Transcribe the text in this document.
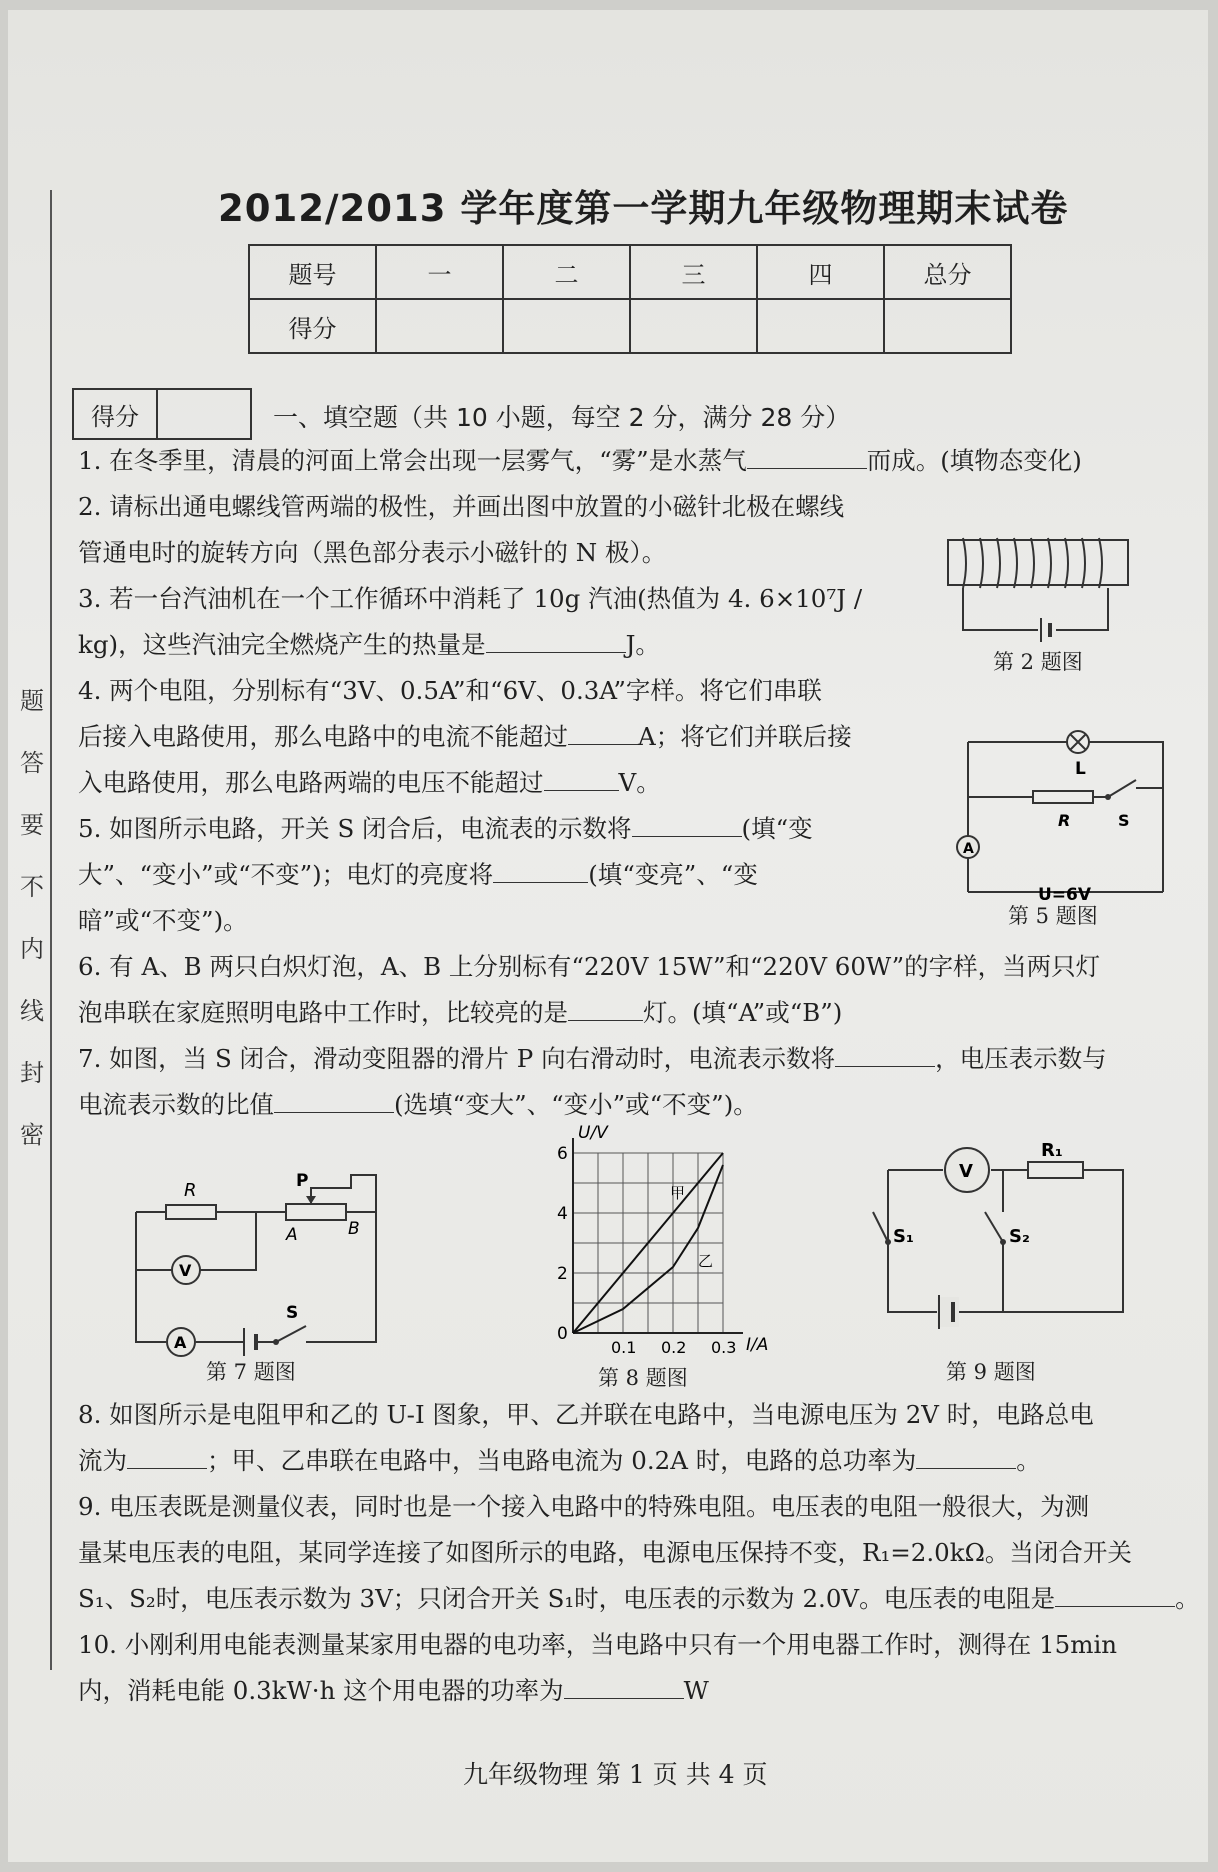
题
答
要
不
内
线
封
密
2012/2013 学年度第一学期九年级物理期末试卷
题号	一	二	三	四	总分
得分					
得分		一、填空题（共 10 小题，每空 2 分，满分 28 分）
1. 在冬季里，清晨的河面上常会出现一层雾气，“雾”是水蒸气	而成。(填物态变化)
2. 请标出通电螺线管两端的极性，并画出图中放置的小磁针北极在螺线
管通电时的旋转方向（黑色部分表示小磁针的 N 极）。
3. 若一台汽油机在一个工作循环中消耗了 10g 汽油(热值为 4. 6×10⁷J /
kg)，这些汽油完全燃烧产生的热量是	J。
4. 两个电阻，分别标有“3V、0.5A”和“6V、0.3A”字样。将它们串联
后接入电路使用，那么电路中的电流不能超过	A；将它们并联后接
入电路使用，那么电路两端的电压不能超过	V。
5. 如图所示电路，开关 S 闭合后，电流表的示数将	(填“变
大”、“变小”或“不变”)；电灯的亮度将	(填“变亮”、“变
暗”或“不变”)。
6. 有 A、B 两只白炽灯泡，A、B 上分别标有“220V 15W”和“220V 60W”的字样，当两只灯
泡串联在家庭照明电路中工作时，比较亮的是	灯。(填“A”或“B”)
7. 如图，当 S 闭合，滑动变阻器的滑片 P 向右滑动时，电流表示数将	，电压表示数与
电流表示数的比值	(选填“变大”、“变小”或“不变”)。
8. 如图所示是电阻甲和乙的 U-I 图象，甲、乙并联在电路中，当电源电压为 2V 时，电路总电
流为	；甲、乙串联在电路中，当电路电流为 0.2A 时，电路的总功率为	。
9. 电压表既是测量仪表，同时也是一个接入电路中的特殊电阻。电压表的电阻一般很大，为测
量某电压表的电阻，某同学连接了如图所示的电路，电源电压保持不变，R₁=2.0kΩ。当闭合开关
S₁、S₂时，电压表示数为 3V；只闭合开关 S₁时，电压表的示数为 2.0V。电压表的电阻是	。
10. 小刚利用电能表测量某家用电器的电功率，当电路中只有一个用电器工作时，测得在 15min
内，消耗电能 0.3kW·h 这个用电器的功率为	W
第 2 题图
L
R	S
A
U=6V
第 5 题图
R	P
A	B
V
A
S
第 7 题图
U/V
I/A
0.1 0.2 0.3
0
2
4
6
甲
乙
第 8 题图
V
R₁
S₁	S₂
第 9 题图
九年级物理 第 1 页 共 4 页
